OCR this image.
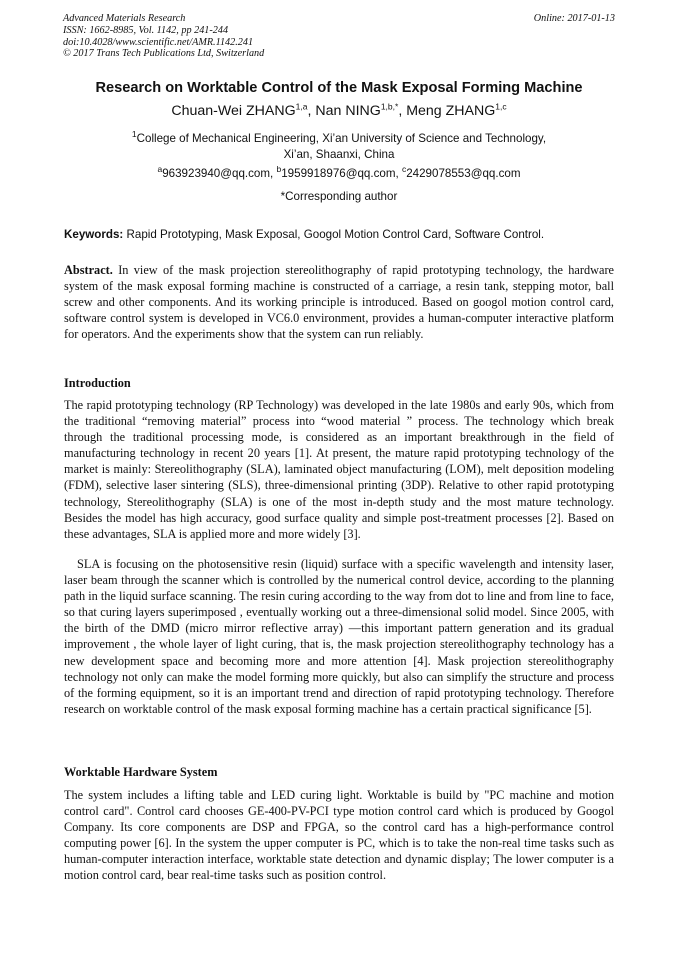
Advanced Materials Research
ISSN: 1662-8985, Vol. 1142, pp 241-244
doi:10.4028/www.scientific.net/AMR.1142.241
© 2017 Trans Tech Publications Ltd, Switzerland
Online: 2017-01-13
Research on Worktable Control of the Mask Exposal Forming Machine
Chuan-Wei ZHANG$^{1,a}$, Nan $NING^{1,b,*}$, Meng ZHANG$^{1,c}$
$^1$College of Mechanical Engineering, Xi’an University of Science and Technology,
Xi’an, Shaanxi, China
$^a$963923940@qq.com, $^b$1959918976@qq.com, $^c$2429078553@qq.com
*Corresponding author
Keywords: Rapid Prototyping, Mask Exposal, Googol Motion Control Card, Software Control.
Abstract. In view of the mask projection stereolithography of rapid prototyping technology, the hardware system of the mask exposal forming machine is constructed of a carriage, a resin tank, stepping motor, ball screw and other components. And its working principle is introduced. Based on googol motion control card, software control system is developed in VC6.0 environment, provides a human-computer interactive platform for operators. And the experiments show that the system can run reliably.
Introduction
The rapid prototyping technology (RP Technology) was developed in the late 1980s and early 90s, which from the traditional “removing material” process into “wood material ” process. The technology which break through the traditional processing mode, is considered as an important breakthrough in the field of manufacturing technology in recent 20 years [1]. At present, the mature rapid prototyping technology of the market is mainly: Stereolithography (SLA), laminated object manufacturing (LOM), melt deposition modeling (FDM), selective laser sintering (SLS), three-dimensional printing (3DP). Relative to other rapid prototyping technology, Stereolithography (SLA) is one of the most in-depth study and the most mature technology. Besides the model has high accuracy, good surface quality and simple post-treatment processes [2]. Based on these advantages, SLA is applied more and more widely [3].
SLA is focusing on the photosensitive resin (liquid) surface with a specific wavelength and intensity laser, laser beam through the scanner which is controlled by the numerical control device, according to the planning path in the liquid surface scanning. The resin curing according to the way from dot to line and from line to face, so that curing layers superimposed , eventually working out a three-dimensional solid model. Since 2005, with the birth of the DMD (micro mirror reflective array) —this important pattern generation and its gradual improvement , the whole layer of light curing, that is, the mask projection stereolithography technology has a new development space and becoming more and more attention [4]. Mask projection stereolithography technology not only can make the model forming more quickly, but also can simplify the structure and process of the forming equipment, so it is an important trend and direction of rapid prototyping technology. Therefore research on worktable control of the mask exposal forming machine has a certain practical significance [5].
Worktable Hardware System
The system includes a lifting table and LED curing light. Worktable is build by "PC machine and motion control card". Control card chooses GE-400-PV-PCI type motion control card which is produced by Googol Company. Its core components are DSP and FPGA, so the control card has a high-performance control computing power [6]. In the system the upper computer is PC, which is to take the non-real time tasks such as human-computer interaction interface, worktable state detection and dynamic display; The lower computer is a motion control card, bear real-time tasks such as position control.
